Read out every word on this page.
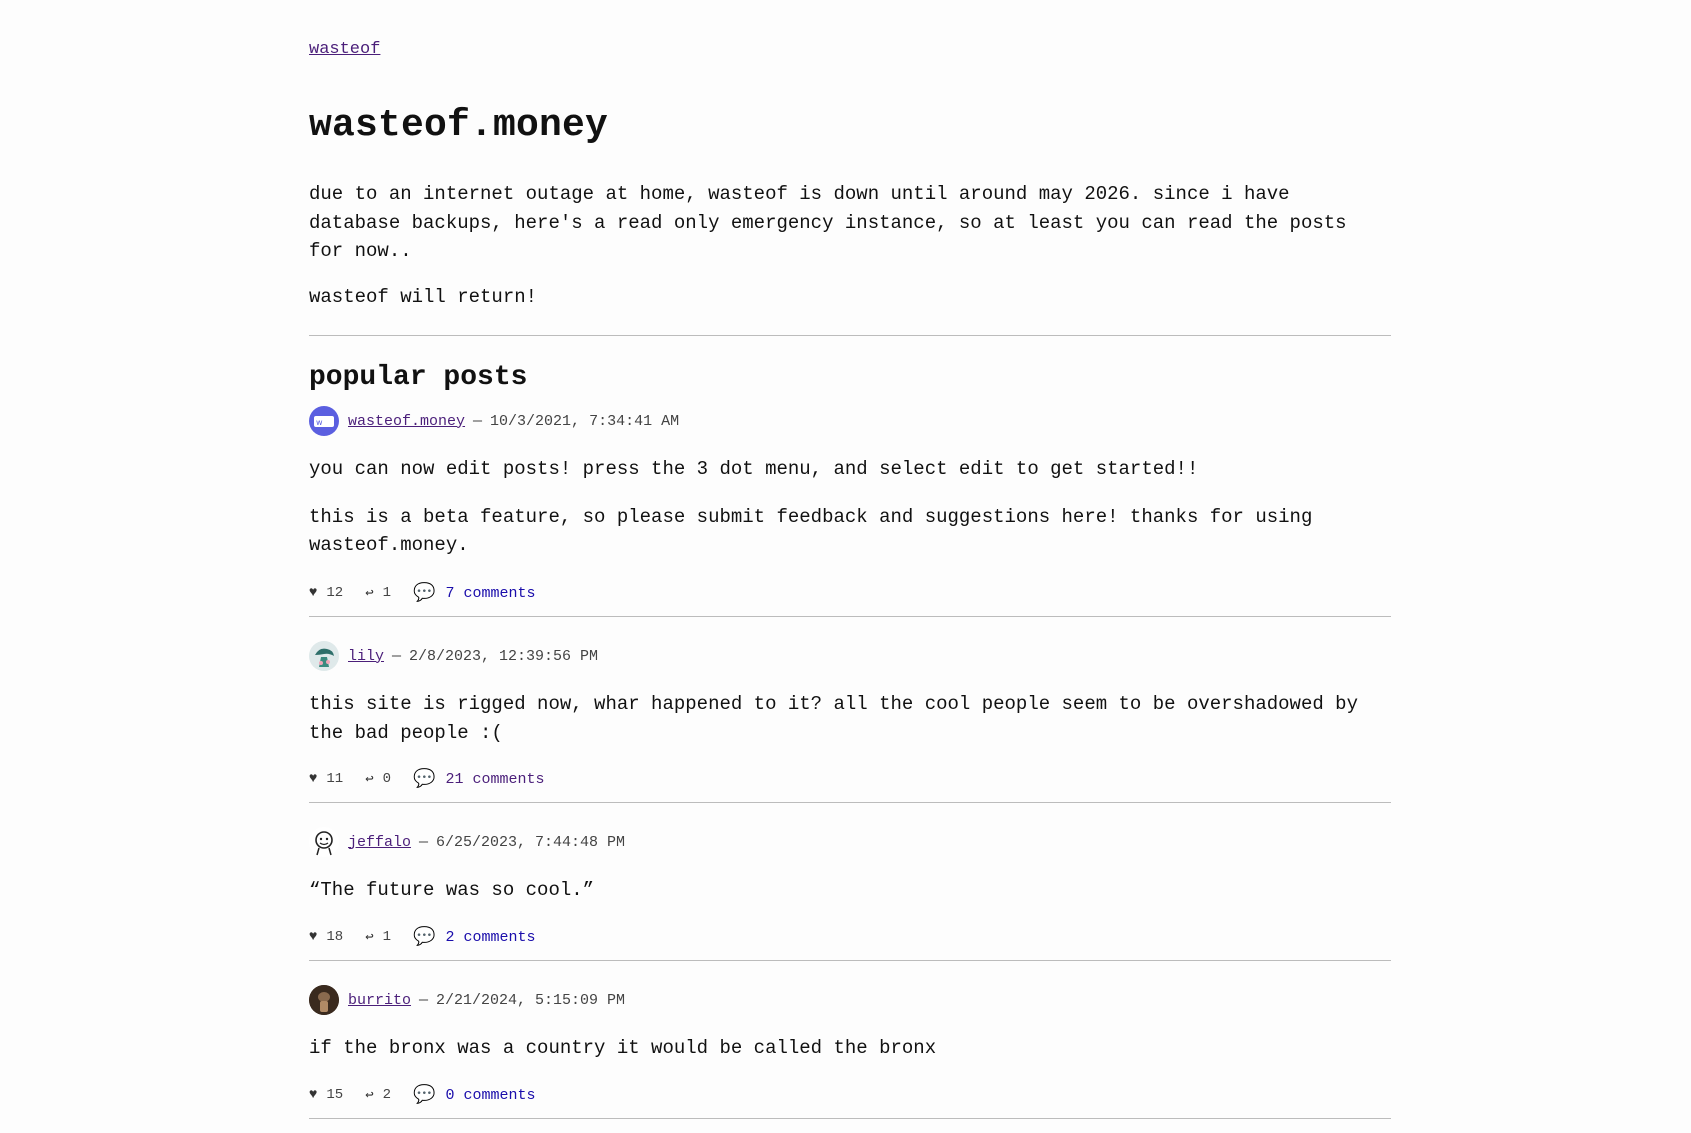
wasteof
wasteof.money

due to an internet outage at home, wasteof is down until around may 2026. since i have database backups, here's a read only emergency instance, so at least you can read the posts for now..

wasteof will return!

popular posts
w wasteof.money — 10/3/2021, 7:34:41 AM

you can now edit posts! press the 3 dot menu, and select edit to get started!!

this is a beta feature, so please submit feedback and suggestions here! thanks for using wasteof.money.

♥ 12 ↩ 1 💬 7 comments
lily — 2/8/2023, 12:39:56 PM

this site is rigged now, whar happened to it? all the cool people seem to be overshadowed by the bad people :(

♥ 11 ↩ 0 💬 21 comments
jeffalo — 6/25/2023, 7:44:48 PM

“The future was so cool.”

♥ 18 ↩ 1 💬 2 comments
burrito — 2/21/2024, 5:15:09 PM

if the bronx was a country it would be called the bronx

♥ 15 ↩ 2 💬 0 comments
